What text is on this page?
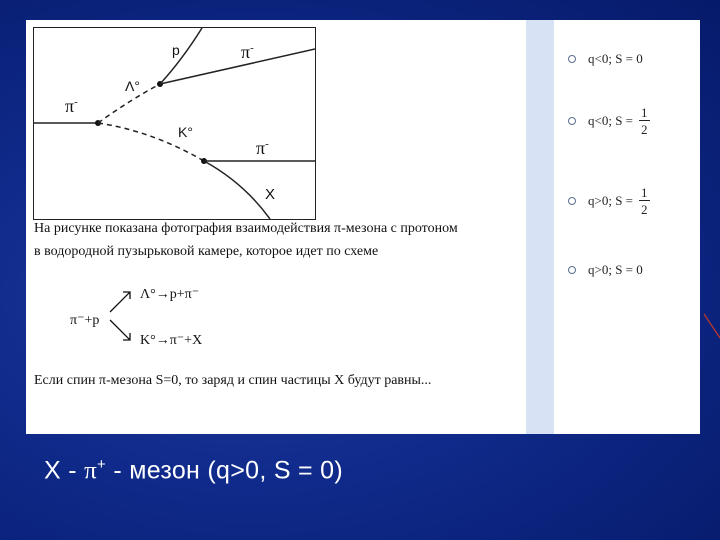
p	π-
Λ°
π-
K°
π-
X
На рисунке показана фотография взаимодействия π-мезона с протоном
в водородной пузырьковой камере, которое идет по схеме
π⁻+p
Λ°→p+π⁻
K°→π⁻+X
Если спин π-мезона S=0, то заряд и спин частицы X будут равны...
q<0; S = 0
q<0; $S = \frac{1}{2}$
q>0; $S = \frac{1}{2}$
q>0; S = 0
X - π+ - мезон (q>0, S = 0)
